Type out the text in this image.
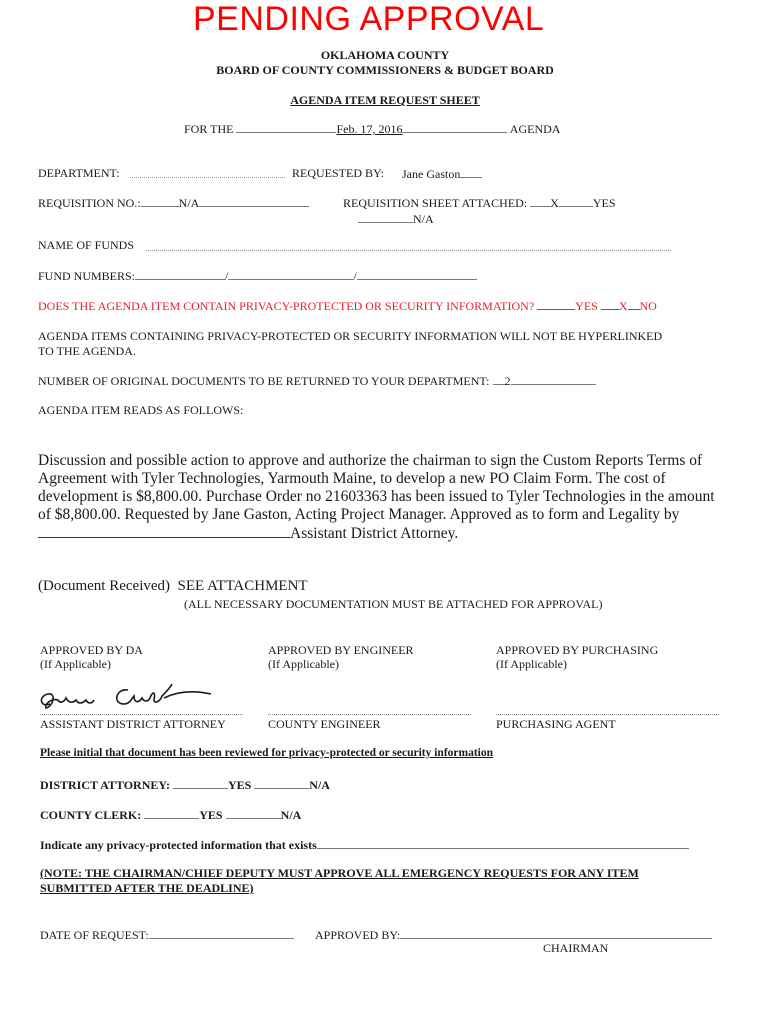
PENDING APPROVAL
OKLAHOMA COUNTY
BOARD OF COUNTY COMMISSIONERS & BUDGET BOARD
AGENDA ITEM REQUEST SHEET
FOR THE	Feb. 17, 2016	AGENDA
DEPARTMENT:	REQUESTED BY: Jane Gaston
REQUISITION NO.:	N/A	REQUISITION SHEET ATTACHED: X	YES
N/A
NAME OF FUNDS
FUND NUMBERS:	/	/
DOES THE AGENDA ITEM CONTAIN PRIVACY-PROTECTED OR SECURITY INFORMATION?	YES X NO
AGENDA ITEMS CONTAINING PRIVACY-PROTECTED OR SECURITY INFORMATION WILL NOT BE HYPERLINKED
TO THE AGENDA.
NUMBER OF ORIGINAL DOCUMENTS TO BE RETURNED TO YOUR DEPARTMENT: 2
AGENDA ITEM READS AS FOLLOWS:
Discussion and possible action to approve and authorize the chairman to sign the Custom Reports Terms of
Agreement with Tyler Technologies, Yarmouth Maine, to develop a new PO Claim Form. The cost of
development is $8,800.00. Purchase Order no 21603363 has been issued to Tyler Technologies in the amount
of $8,800.00. Requested by Jane Gaston, Acting Project Manager. Approved as to form and Legality by
Assistant District Attorney.
(Document Received) SEE ATTACHMENT
(ALL NECESSARY DOCUMENTATION MUST BE ATTACHED FOR APPROVAL)
APPROVED BY DA
(If Applicable)
APPROVED BY ENGINEER
(If Applicable)
APPROVED BY PURCHASING
(If Applicable)
ASSISTANT DISTRICT ATTORNEY	COUNTY ENGINEER	PURCHASING AGENT
Please initial that document has been reviewed for privacy-protected or security information
DISTRICT ATTORNEY:	YES	N/A
COUNTY CLERK:	YES	N/A
Indicate any privacy-protected information that exists
(NOTE: THE CHAIRMAN/CHIEF DEPUTY MUST APPROVE ALL EMERGENCY REQUESTS FOR ANY ITEM
SUBMITTED AFTER THE DEADLINE)
DATE OF REQUEST:	APPROVED BY:
CHAIRMAN
